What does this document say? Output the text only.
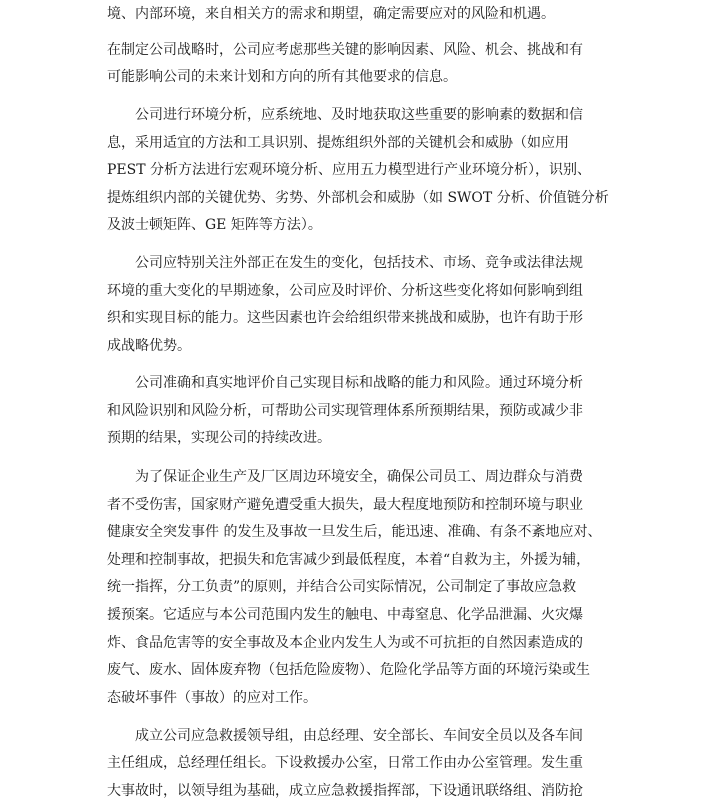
境、内部环境，来自相关方的需求和期望，确定需要应对的风险和机遇。

在制定公司战略时，公司应考虑那些关键的影响因素、风险、机会、挑战和有

可能影响公司的未来计划和方向的所有其他要求的信息。

公司进行环境分析，应系统地、及时地获取这些重要的影响素的数据和信

息，采用适宜的方法和工具识别、提炼组织外部的关键机会和威胁（如应用

PEST 分析方法进行宏观环境分析、应用五力模型进行产业环境分析），识别、

提炼组织内部的关键优势、劣势、外部机会和威胁（如 SWOT 分析、价值链分析

及波士顿矩阵、GE 矩阵等方法）。

公司应特别关注外部正在发生的变化，包括技术、市场、竞争或法律法规

环境的重大变化的早期迹象，公司应及时评价、分析这些变化将如何影响到组

织和实现目标的能力。这些因素也许会给组织带来挑战和威胁，也许有助于形

成战略优势。

公司准确和真实地评价自己实现目标和战略的能力和风险。通过环境分析

和风险识别和风险分析，可帮助公司实现管理体系所预期结果，预防或减少非

预期的结果，实现公司的持续改进。

为了保证企业生产及厂区周边环境安全，确保公司员工、周边群众与消费

者不受伤害，国家财产避免遭受重大损失，最大程度地预防和控制环境与职业

健康安全突发事件 的发生及事故一旦发生后，能迅速、准确、有条不紊地应对、

处理和控制事故，把损失和危害减少到最低程度，本着“自救为主，外援为辅，

统一指挥，分工负责”的原则，并结合公司实际情况，公司制定了事故应急救

援预案。它适应与本公司范围内发生的触电、中毒窒息、化学品泄漏、火灾爆

炸、食品危害等的安全事故及本企业内发生人为或不可抗拒的自然因素造成的

废气、废水、固体废弃物（包括危险废物）、危险化学品等方面的环境污染或生

态破坏事件（事故）的应对工作。

成立公司应急救援领导组，由总经理、安全部长、车间安全员以及各车间

主任组成，总经理任组长。下设救援办公室，日常工作由办公室管理。发生重

大事故时，以领导组为基础，成立应急救援指挥部，下设通讯联络组、消防抢
